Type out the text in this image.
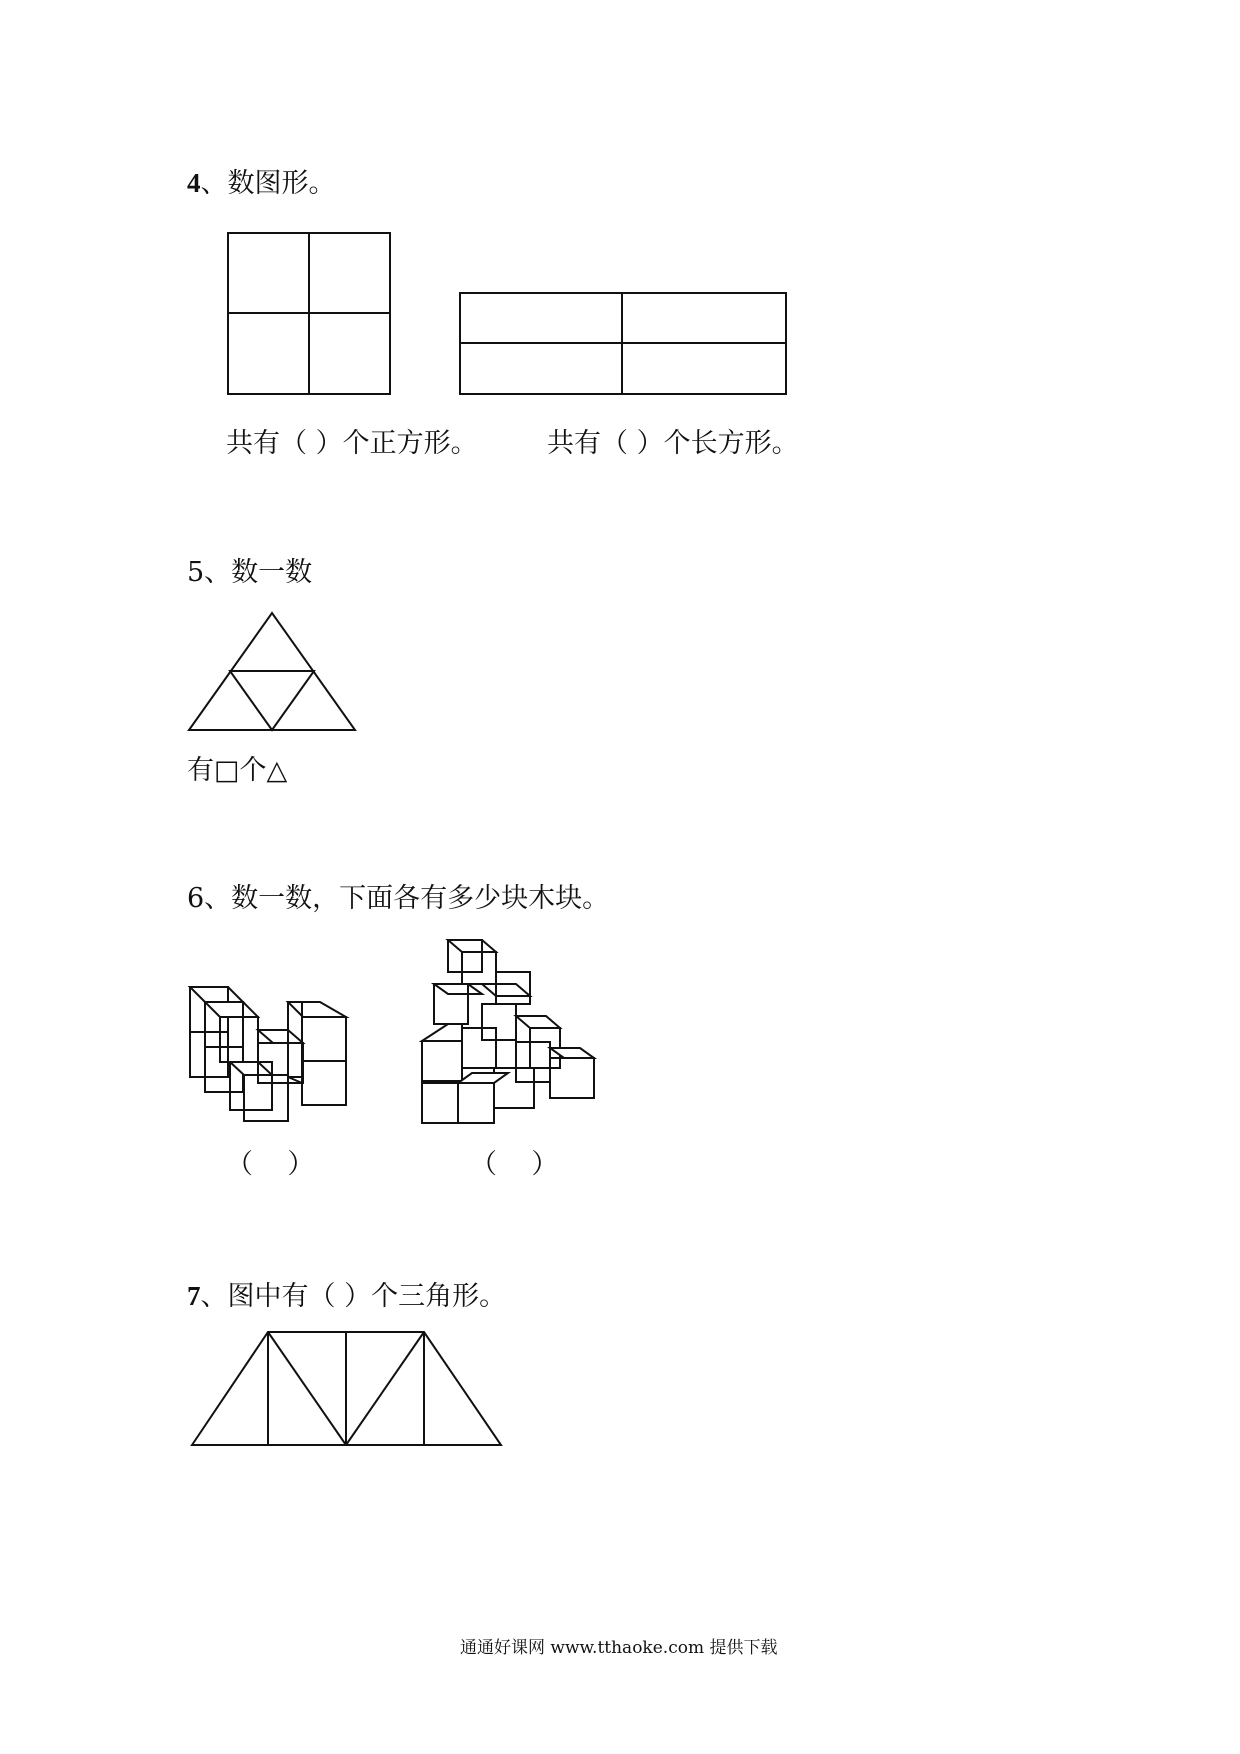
4、数图形。
共有（ ）个正方形。	共有（ ）个长方形。
5、数一数
有□个△
6、数一数，下面各有多少块木块。
（    ）	（    ）
7、图中有（ ）个三角形。
通通好课网 www.tthaoke.com 提供下载
